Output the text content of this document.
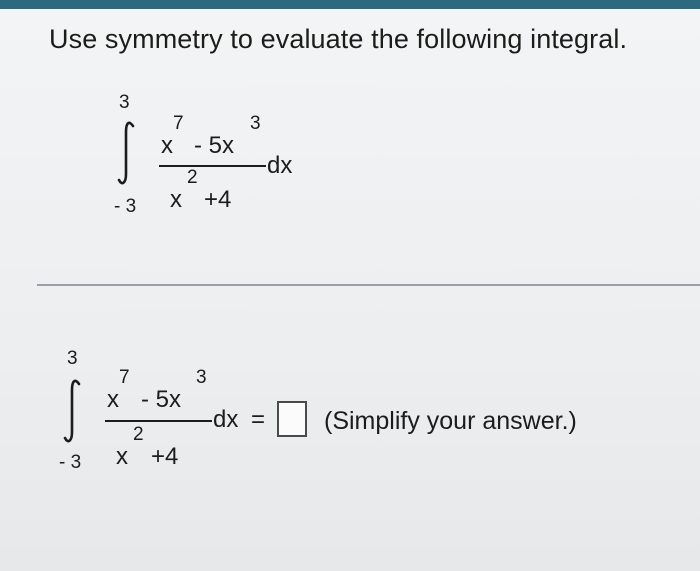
Use symmetry to evaluate the following integral.
3
- 3
x
7
- 5x
3
x
2
+4
dx
3
- 3
x
7
- 5x
3
x
2
+4
dx = (Simplify your answer.)
